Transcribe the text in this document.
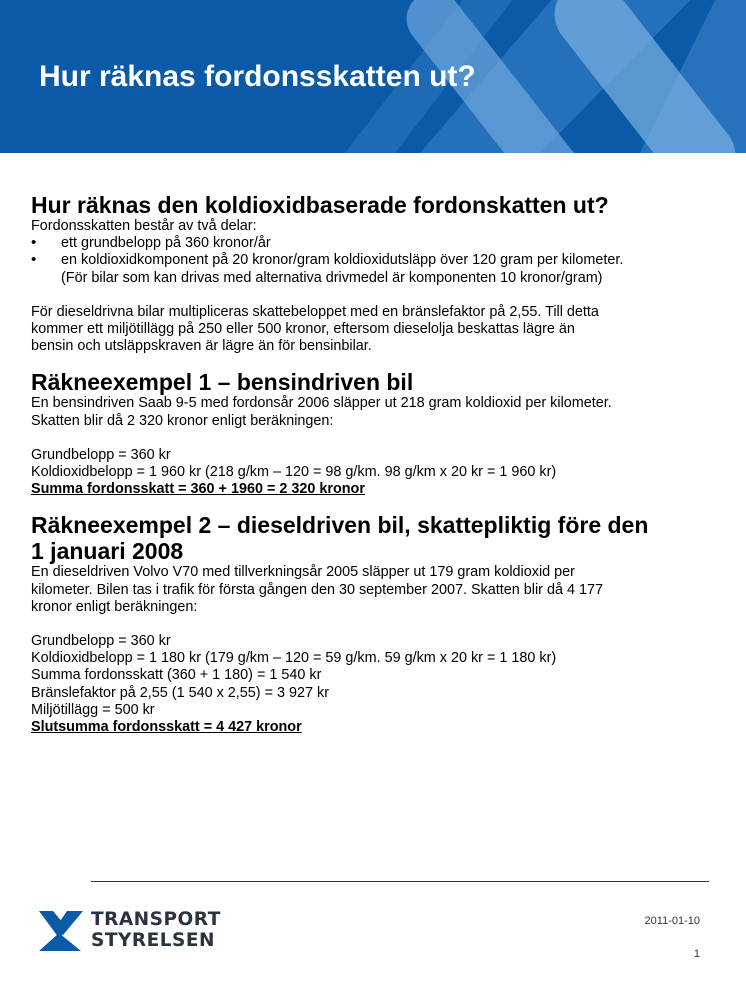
Hur räknas fordonsskatten ut?
Hur räknas den koldioxidbaserade fordonskatten ut?

Fordonsskatten består av två delar:

• ett grundbelopp på 360 kronor/år
• en koldioxidkomponent på 20 kronor/gram koldioxidutsläpp över 120 gram per kilometer.
(För bilar som kan drivas med alternativa drivmedel är komponenten 10 kronor/gram)

För dieseldrivna bilar multipliceras skattebeloppet med en bränslefaktor på 2,55. Till detta
kommer ett miljötillägg på 250 eller 500 kronor, eftersom dieselolja beskattas lägre än
bensin och utsläppskraven är lägre än för bensinbilar.

Räkneexempel 1 – bensindriven bil

En bensindriven Saab 9-5 med fordonsår 2006 släpper ut 218 gram koldioxid per kilometer.
Skatten blir då 2 320 kronor enligt beräkningen:

Grundbelopp = 360 kr
Koldioxidbelopp = 1 960 kr (218 g/km – 120 = 98 g/km. 98 g/km x 20 kr = 1 960 kr)

Summa fordonsskatt = 360 + 1960 = 2 320 kronor

Räkneexempel 2 – dieseldriven bil, skattepliktig före den
1 januari 2008

En dieseldriven Volvo V70 med tillverkningsår 2005 släpper ut 179 gram koldioxid per
kilometer. Bilen tas i trafik för första gången den 30 september 2007. Skatten blir då 4 177
kronor enligt beräkningen:

Grundbelopp = 360 kr
Koldioxidbelopp = 1 180 kr (179 g/km – 120 = 59 g/km. 59 g/km x 20 kr = 1 180 kr)
Summa fordonsskatt (360 + 1 180) = 1 540 kr
Bränslefaktor på 2,55 (1 540 x 2,55) = 3 927 kr
Miljötillägg = 500 kr

Slutsumma fordonsskatt = 4 427 kronor

TRANSPORT
STYRELSEN
2011-01-10
1
